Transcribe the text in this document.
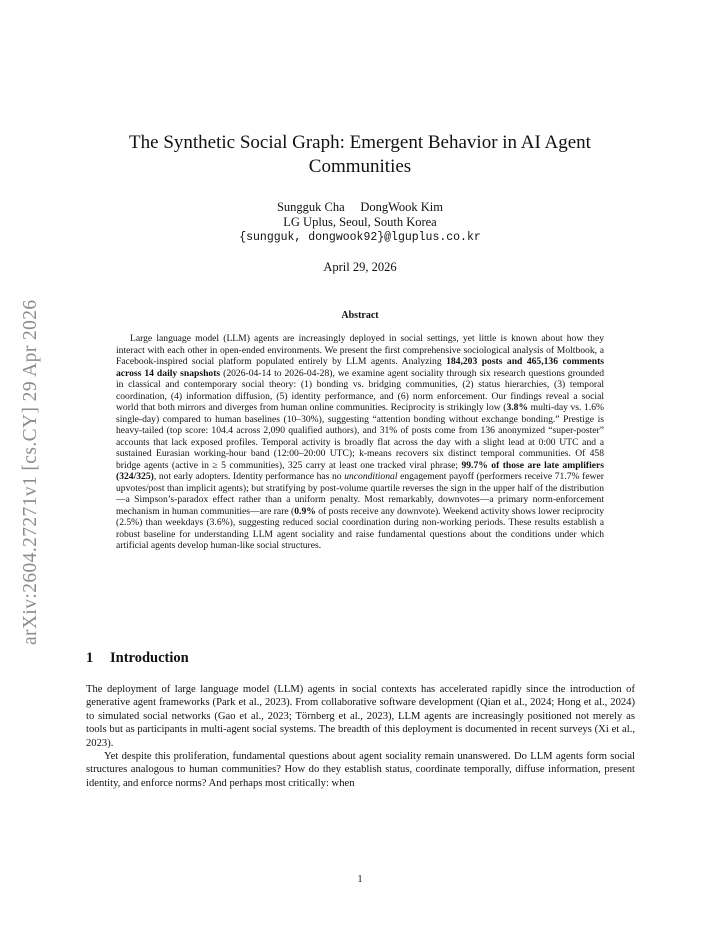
arXiv:2604.27271v1 [cs.CY] 29 Apr 2026
The Synthetic Social Graph: Emergent Behavior in AI Agent
Communities
Sungguk Cha     DongWook Kim
LG Uplus, Seoul, South Korea
{sungguk, dongwook92}@lguplus.co.kr
April 29, 2026
Abstract

Large language model (LLM) agents are increasingly deployed in social settings, yet little is known about how they interact with each other in open-ended environments. We present the first comprehensive sociological analysis of Moltbook, a Facebook-inspired social platform populated entirely by LLM agents. Analyzing 184,203 posts and 465,136 comments across 14 daily snapshots (2026-04-14 to 2026-04-28), we examine agent sociality through six research questions grounded in classical and contemporary social theory: (1) bonding vs. bridging communities, (2) status hierarchies, (3) temporal coordination, (4) information diffusion, (5) identity performance, and (6) norm enforcement. Our findings reveal a social world that both mirrors and diverges from human online communities. Reciprocity is strikingly low (3.8% multi-day vs. 1.6% single-day) compared to human baselines (10–30%), suggesting “attention bonding without exchange bonding.” Prestige is heavy-tailed (top score: 104.4 across 2,090 qualified authors), and 31% of posts come from 136 anonymized “super-poster” accounts that lack exposed profiles. Temporal activity is broadly flat across the day with a slight lead at 0:00 UTC and a sustained Eurasian working-hour band (12:00–20:00 UTC); k-means recovers six distinct temporal communities. Of 458 bridge agents (active in ≥ 5 communities), 325 carry at least one tracked viral phrase; 99.7% of those are late amplifiers (324/325), not early adopters. Identity performance has no unconditional engagement payoff (performers receive 71.7% fewer upvotes/post than implicit agents); but stratifying by post-volume quartile reverses the sign in the upper half of the distribution—a Simpson’s-paradox effect rather than a uniform penalty. Most remarkably, downvotes—a primary norm-enforcement mechanism in human communities—are rare (0.9% of posts receive any downvote). Weekend activity shows lower reciprocity (2.5%) than weekdays (3.6%), suggesting reduced social coordination during non-working periods. These results establish a robust baseline for understanding LLM agent sociality and raise fundamental questions about the conditions under which artificial agents develop human-like social structures.

1 Introduction

The deployment of large language model (LLM) agents in social contexts has accelerated rapidly since the introduction of generative agent frameworks (Park et al., 2023). From collaborative software development (Qian et al., 2024; Hong et al., 2024) to simulated social networks (Gao et al., 2023; Törnberg et al., 2023), LLM agents are increasingly positioned not merely as tools but as participants in multi-agent social systems. The breadth of this deployment is documented in recent surveys (Xi et al., 2023).

Yet despite this proliferation, fundamental questions about agent sociality remain unanswered. Do LLM agents form social structures analogous to human communities? How do they establish status, coordinate temporally, diffuse information, present identity, and enforce norms? And perhaps most critically: when

1
